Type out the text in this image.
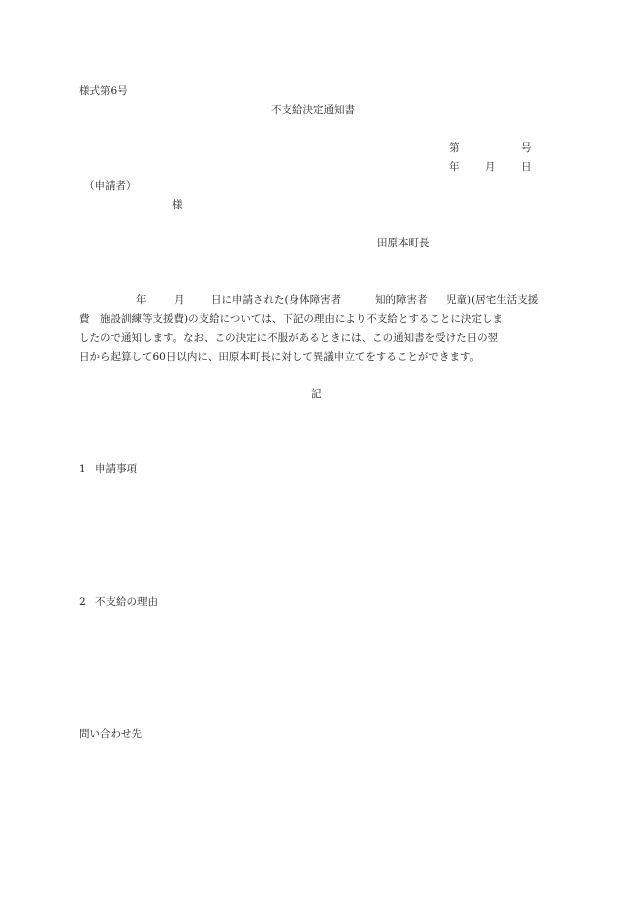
様式第6号
不支給決定通知書
第	号
年 月 日
（申請者）
様
田原本町長
年	月	日に申請された(身体障害者	知的障害者 児童)(居宅生活支援
費 施設訓練等支援費)の支給については、下記の理由により不支給とすることに決定しま
したので通知します。なお、この決定に不服があるときには、この通知書を受けた日の翌
日から起算して60日以内に、田原本町長に対して異議申立てをすることができます。
記
1 申請事項
2 不支給の理由
問い合わせ先
